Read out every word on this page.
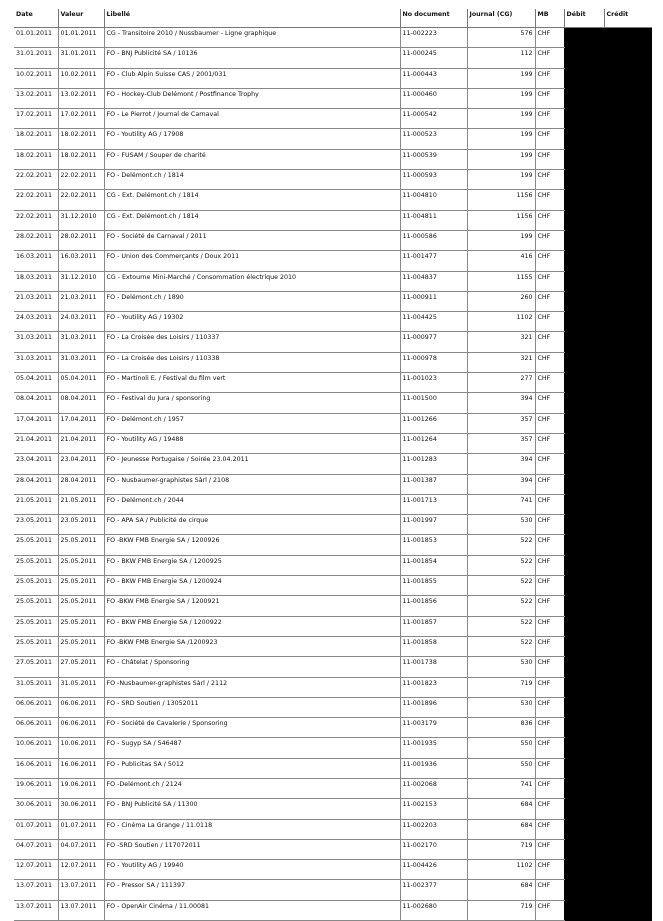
Date	Valeur	Libellé	No document	Journal (CG)	MB	Débit	Crédit
01.01.2011	01.01.2011	CG - Transitoire 2010 / Nussbaumer - Ligne graphique	11-002223	576	CHF		
31.01.2011	31.01.2011	FO - BNJ Publicité SA / 10136	11-000245	112	CHF		
10.02.2011	10.02.2011	FO - Club Alpin Suisse CAS / 2001/031	11-000443	199	CHF		
13.02.2011	13.02.2011	FO - Hockey-Club Delémont / Postfinance Trophy	11-000460	199	CHF		
17.02.2011	17.02.2011	FO - Le Pierrot / Journal de Carnaval	11-000542	199	CHF		
18.02.2011	18.02.2011	FO - Youtility AG / 17908	11-000523	199	CHF		
18.02.2011	18.02.2011	FO - FUSAM / Souper de charité	11-000539	199	CHF		
22.02.2011	22.02.2011	FO - Delémont.ch / 1814	11-000593	199	CHF		
22.02.2011	22.02.2011	CG - Ext. Delémont.ch / 1814	11-004810	1156	CHF		
22.02.2011	31.12.2010	CG - Ext. Delémont.ch / 1814	11-004811	1156	CHF		
28.02.2011	28.02.2011	FO - Société de Carnaval / 2011	11-000586	199	CHF		
16.03.2011	16.03.2011	FO - Union des Commerçants / Doux 2011	11-001477	416	CHF		
18.03.2011	31.12.2010	CG - Extourne Mini-Marché / Consommation électrique 2010	11-004837	1155	CHF		
21.03.2011	21.03.2011	FO - Delémont.ch / 1890	11-000911	260	CHF		
24.03.2011	24.03.2011	FO - Youtility AG / 19302	11-004425	1102	CHF		
31.03.2011	31.03.2011	FO - La Croisée des Loisirs / 110337	11-000977	321	CHF		
31.03.2011	31.03.2011	FO - La Croisée des Loisirs / 110338	11-000978	321	CHF		
05.04.2011	05.04.2011	FO - Martinoli E. / Festival du film vert	11-001023	277	CHF		
08.04.2011	08.04.2011	FO - Festival du Jura / sponsoring	11-001500	394	CHF		
17.04.2011	17.04.2011	FO - Delémont.ch / 1957	11-001266	357	CHF		
21.04.2011	21.04.2011	FO - Youtility AG / 19488	11-001264	357	CHF		
23.04.2011	23.04.2011	FO - Jeunesse Portugaise / Soirée 23.04.2011	11-001283	394	CHF		
28.04.2011	28.04.2011	FO - Nusbaumer-graphistes Sàrl / 2108	11-001387	394	CHF		
21.05.2011	21.05.2011	FO - Delémont.ch / 2044	11-001713	741	CHF		
23.05.2011	23.05.2011	FO - APA SA / Publicité de cirque	11-001997	530	CHF		
25.05.2011	25.05.2011	FO -BKW FMB Energie SA / 1200926	11-001853	522	CHF		
25.05.2011	25.05.2011	FO - BKW FMB Energie SA / 1200925	11-001854	522	CHF		
25.05.2011	25.05.2011	FO - BKW FMB Energie SA / 1200924	11-001855	522	CHF		
25.05.2011	25.05.2011	FO -BKW FMB Energie SA / 1200921	11-001856	522	CHF		
25.05.2011	25.05.2011	FO - BKW FMB Energie SA / 1200922	11-001857	522	CHF		
25.05.2011	25.05.2011	FO -BKW FMB Energie SA /1200923	11-001858	522	CHF		
27.05.2011	27.05.2011	FO - Châtelat / Sponsoring	11-001738	530	CHF		
31.05.2011	31.05.2011	FO -Nusbaumer-graphistes Sàrl / 2112	11-001823	719	CHF		
06.06.2011	06.06.2011	FO - SRD Soutien / 13052011	11-001896	530	CHF		
06.06.2011	06.06.2011	FO - Société de Cavalerie / Sponsoring	11-003179	836	CHF		
10.06.2011	10.06.2011	FO - Sugyp SA / 546487	11-001935	550	CHF		
16.06.2011	16.06.2011	FO - Publicitas SA / 5012	11-001936	550	CHF		
19.06.2011	19.06.2011	FO -Delémont.ch / 2124	11-002068	741	CHF		
30.06.2011	30.06.2011	FO - BNJ Publicité SA / 11300	11-002153	684	CHF		
01.07.2011	01.07.2011	FO - Cinéma La Grange / 11.0118	11-002203	684	CHF		
04.07.2011	04.07.2011	FO -SRD Soutien / 117072011	11-002170	719	CHF		
12.07.2011	12.07.2011	FO - Youtility AG / 19940	11-004426	1102	CHF		
13.07.2011	13.07.2011	FO - Pressor SA / 111397	11-002377	684	CHF		
13.07.2011	13.07.2011	FO - OpenAir Cinéma / 11.00081	11-002680	719	CHF		
